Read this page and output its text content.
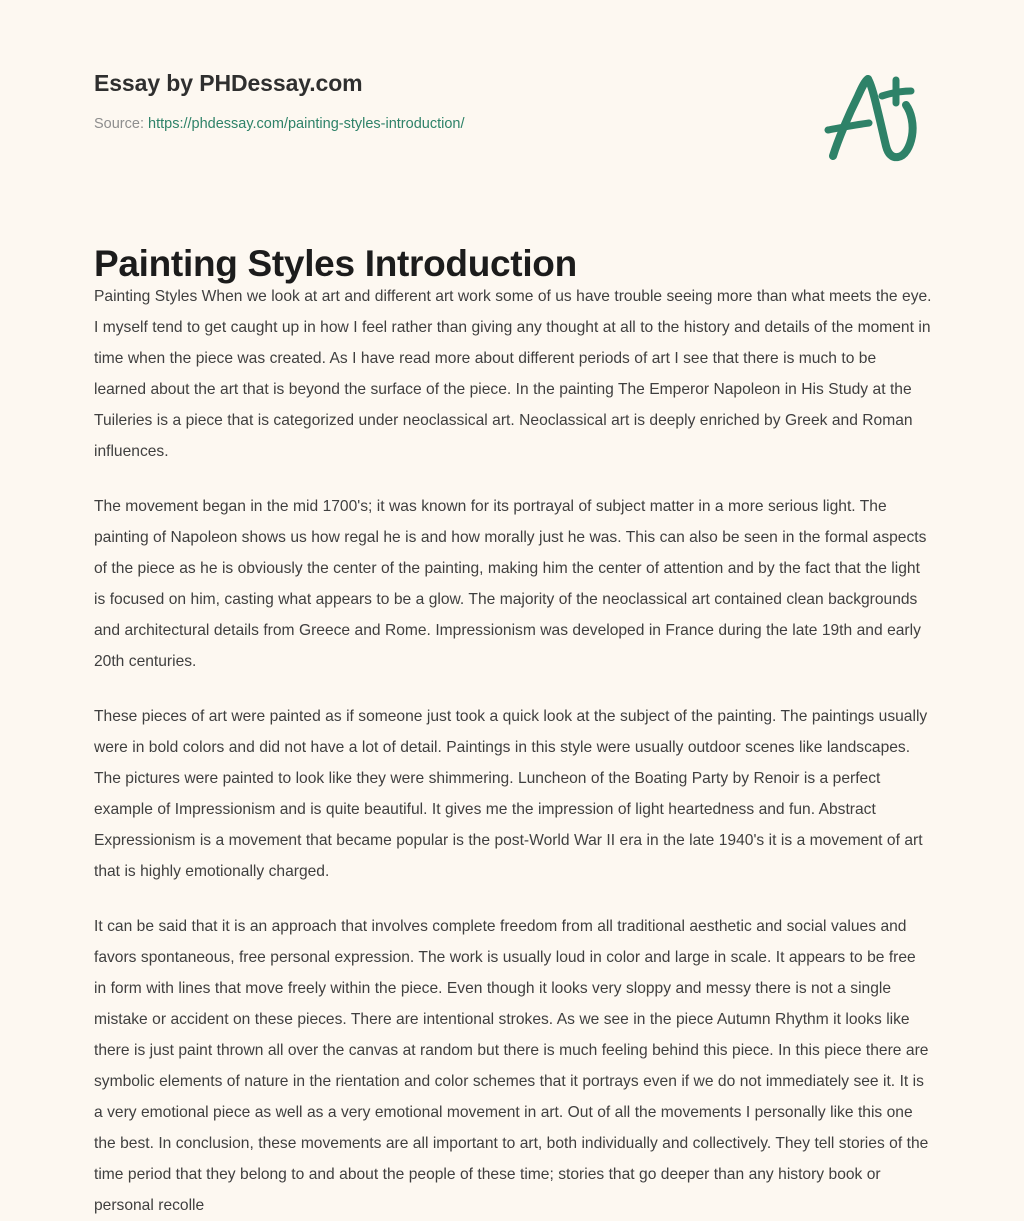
Essay by PHDessay.com
Source: https://phdessay.com/painting-styles-introduction/
Painting Styles Introduction

Painting Styles When we look at art and different art work some of us have trouble seeing more than what meets the eye. I myself tend to get caught up in how I feel rather than giving any thought at all to the history and details of the moment in time when the piece was created. As I have read more about different periods of art I see that there is much to be learned about the art that is beyond the surface of the piece. In the painting The Emperor Napoleon in His Study at the Tuileries is a piece that is categorized under neoclassical art. Neoclassical art is deeply enriched by Greek and Roman influences.

The movement began in the mid 1700's; it was known for its portrayal of subject matter in a more serious light. The painting of Napoleon shows us how regal he is and how morally just he was. This can also be seen in the formal aspects of the piece as he is obviously the center of the painting, making him the center of attention and by the fact that the light is focused on him, casting what appears to be a glow. The majority of the neoclassical art contained clean backgrounds and architectural details from Greece and Rome. Impressionism was developed in France during the late 19th and early 20th centuries.

These pieces of art were painted as if someone just took a quick look at the subject of the painting. The paintings usually were in bold colors and did not have a lot of detail. Paintings in this style were usually outdoor scenes like landscapes. The pictures were painted to look like they were shimmering. Luncheon of the Boating Party by Renoir is a perfect example of Impressionism and is quite beautiful. It gives me the impression of light heartedness and fun. Abstract Expressionism is a movement that became popular is the post-World War II era in the late 1940's it is a movement of art that is highly emotionally charged.

It can be said that it is an approach that involves complete freedom from all traditional aesthetic and social values and favors spontaneous, free personal expression. The work is usually loud in color and large in scale. It appears to be free in form with lines that move freely within the piece. Even though it looks very sloppy and messy there is not a single mistake or accident on these pieces. There are intentional strokes. As we see in the piece Autumn Rhythm it looks like there is just paint thrown all over the canvas at random but there is much feeling behind this piece. In this piece there are symbolic elements of nature in the rientation and color schemes that it portrays even if we do not immediately see it. It is a very emotional piece as well as a very emotional movement in art. Out of all the movements I personally like this one the best. In conclusion, these movements are all important to art, both individually and collectively. They tell stories of the time period that they belong to and about the people of these time; stories that go deeper than any history book or personal recolle
